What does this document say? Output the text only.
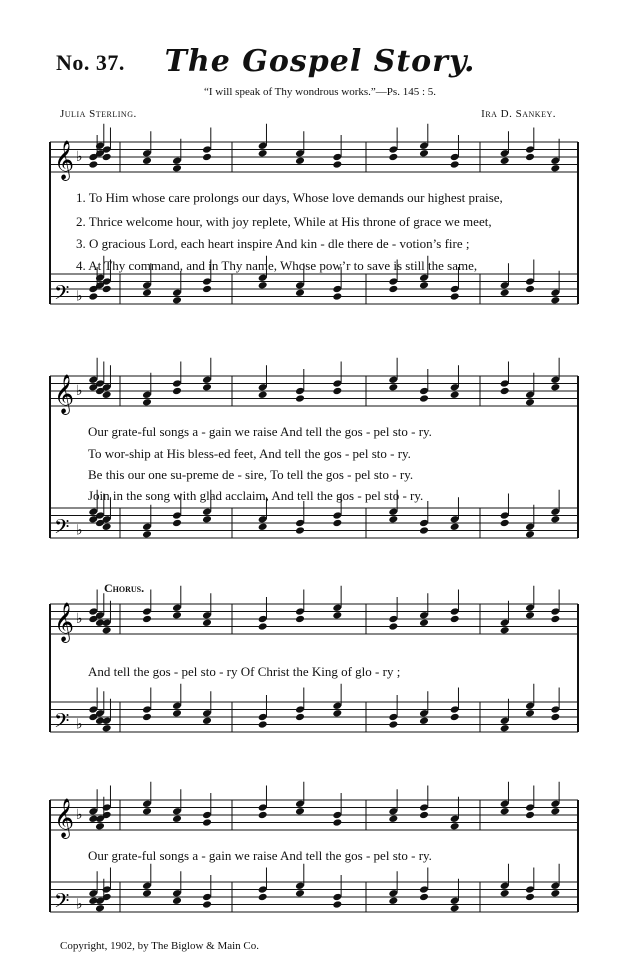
No. 37.	The Gospel Story.
“I will speak of Thy wondrous works.”—Ps. 145 : 5.
Julia Sterling.	Ira D. Sankey.
𝄞 ♭
𝄢 ♭
1. To Him whose care prolongs our days, Whose love demands our highest praise,
2. Thrice welcome hour, with joy replete, While at His throne of grace we meet,
3. O gracious Lord, each heart inspire And kin - dle there de - votion’s fire ;
4. At Thy command, and in Thy name, Whose pow’r to save is still the same,
𝄞 ♭
𝄢 ♭
Our grate-ful songs a - gain we raise And tell the gos - pel sto - ry.
To wor-ship at His bless-ed feet, And tell the gos - pel sto - ry.
Be this our one su-preme de - sire, To tell the gos - pel sto - ry.
Join in the song with glad acclaim, And tell the gos - pel sto - ry.
Chorus.
𝄞 ♭
𝄢 ♭
And tell the gos - pel sto - ry Of Christ the King of glo - ry ;
𝄞 ♭
𝄢 ♭
Our grate-ful songs a - gain we raise And tell the gos - pel sto - ry.
Copyright, 1902, by The Biglow & Main Co.
